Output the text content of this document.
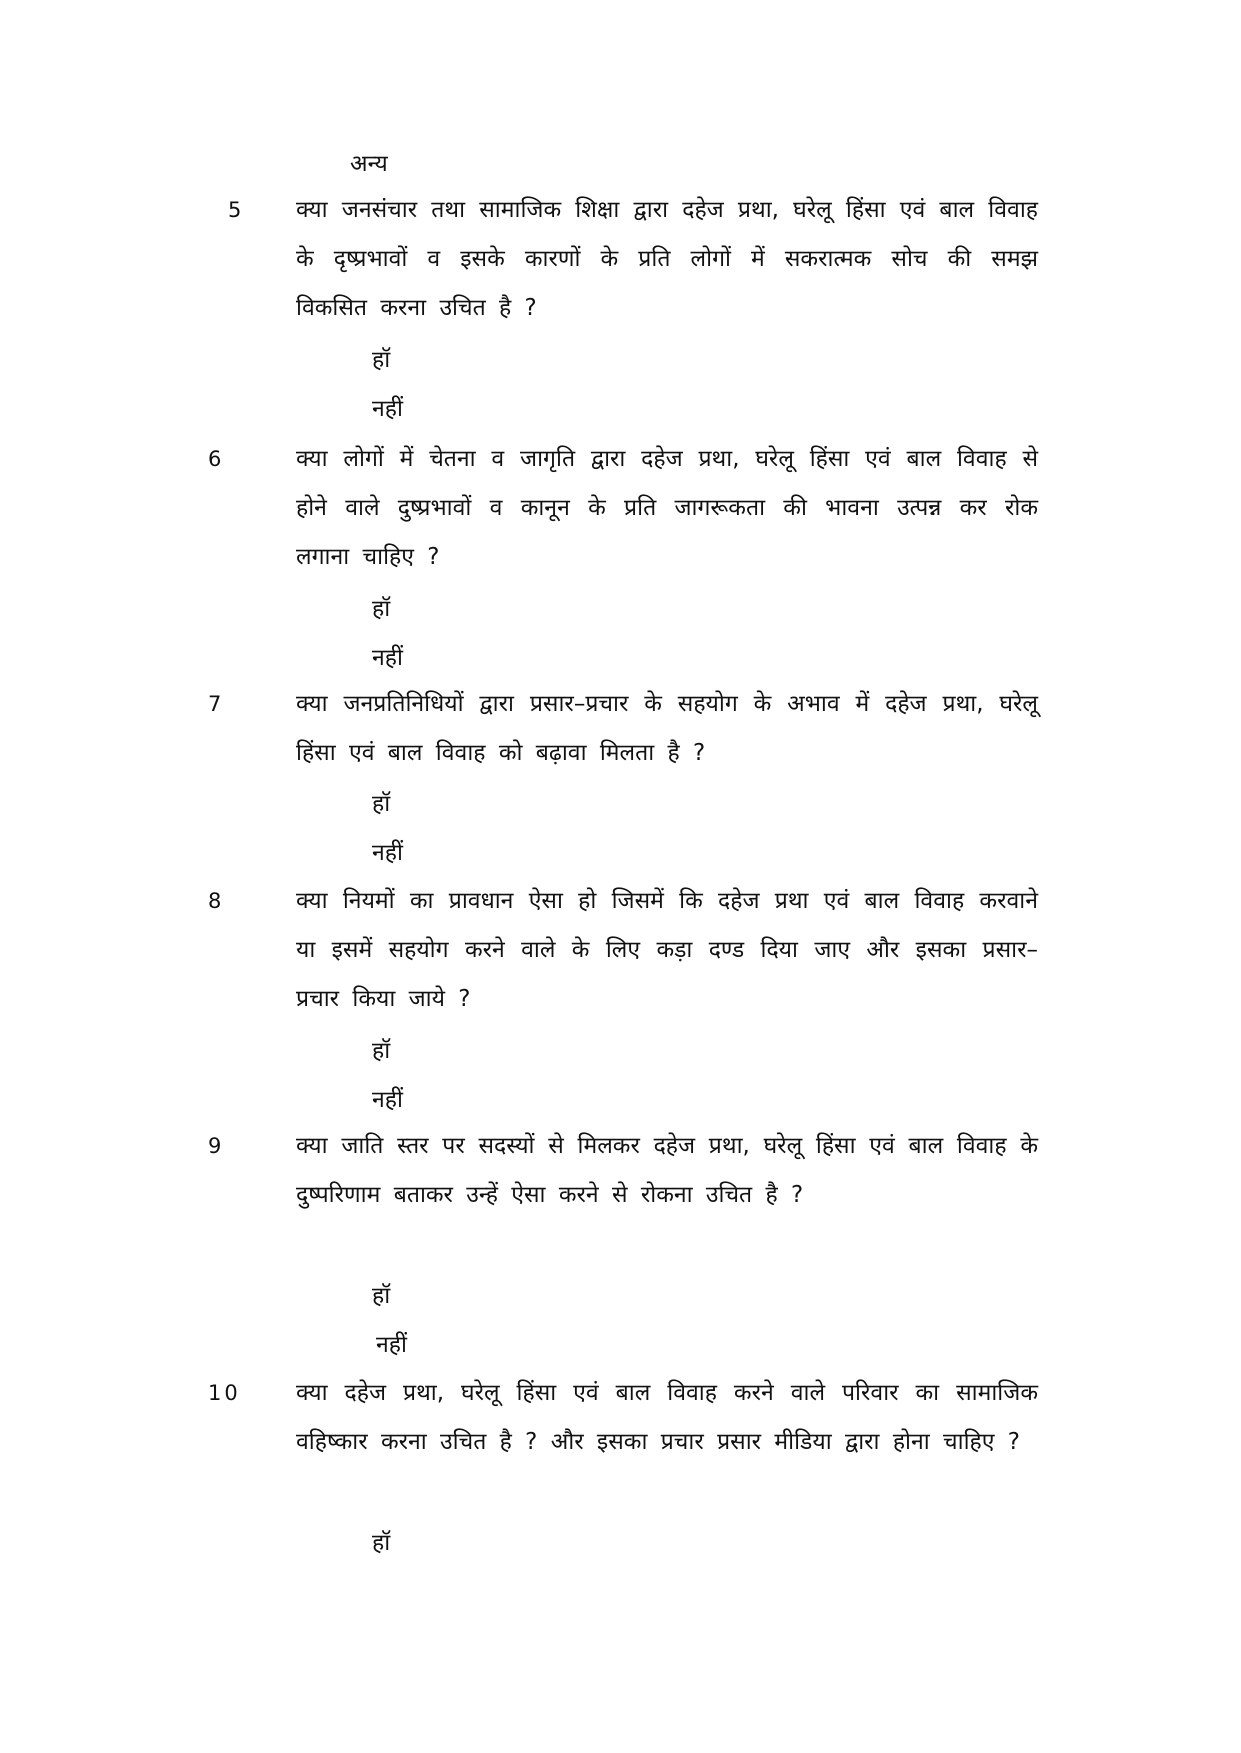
अन्य
5 क्या जनसंचार तथा सामाजिक शिक्षा द्वारा दहेज प्रथा, घरेलू हिंसा एवं बाल विवाह के दृष्प्रभावों व इसके कारणों के प्रति लोगों में सकरात्मक सोच की समझ विकसित करना उचित है ?
हॉ
नहीं
6	क्या लोगों में चेतना व जागृति द्वारा दहेज प्रथा, घरेलू हिंसा एवं बाल विवाह से होने वाले दुष्प्रभावों व कानून के प्रति जागरूकता की भावना उत्पन्न कर रोक लगाना चाहिए ?
हॉ
नहीं
7	क्या जनप्रतिनिधियों द्वारा प्रसार–प्रचार के सहयोग के अभाव में दहेज प्रथा, घरेलू हिंसा एवं बाल विवाह को बढ़ावा मिलता है ?
हॉ
नहीं
8	क्या नियमों का प्रावधान ऐसा हो जिसमें कि दहेज प्रथा एवं बाल विवाह करवाने या इसमें सहयोग करने वाले के लिए कड़ा दण्ड दिया जाए और इसका प्रसार–प्रचार किया जाये ?
हॉ
नहीं
9	क्या जाति स्तर पर सदस्यों से मिलकर दहेज प्रथा, घरेलू हिंसा एवं बाल विवाह के दुष्परिणाम बताकर उन्हें ऐसा करने से रोकना उचित है ?
हॉ
नहीं
10 क्या दहेज प्रथा, घरेलू हिंसा एवं बाल विवाह करने वाले परिवार का सामाजिक वहिष्कार करना उचित है ? और इसका प्रचार प्रसार मीडिया द्वारा होना चाहिए ?
हॉ
